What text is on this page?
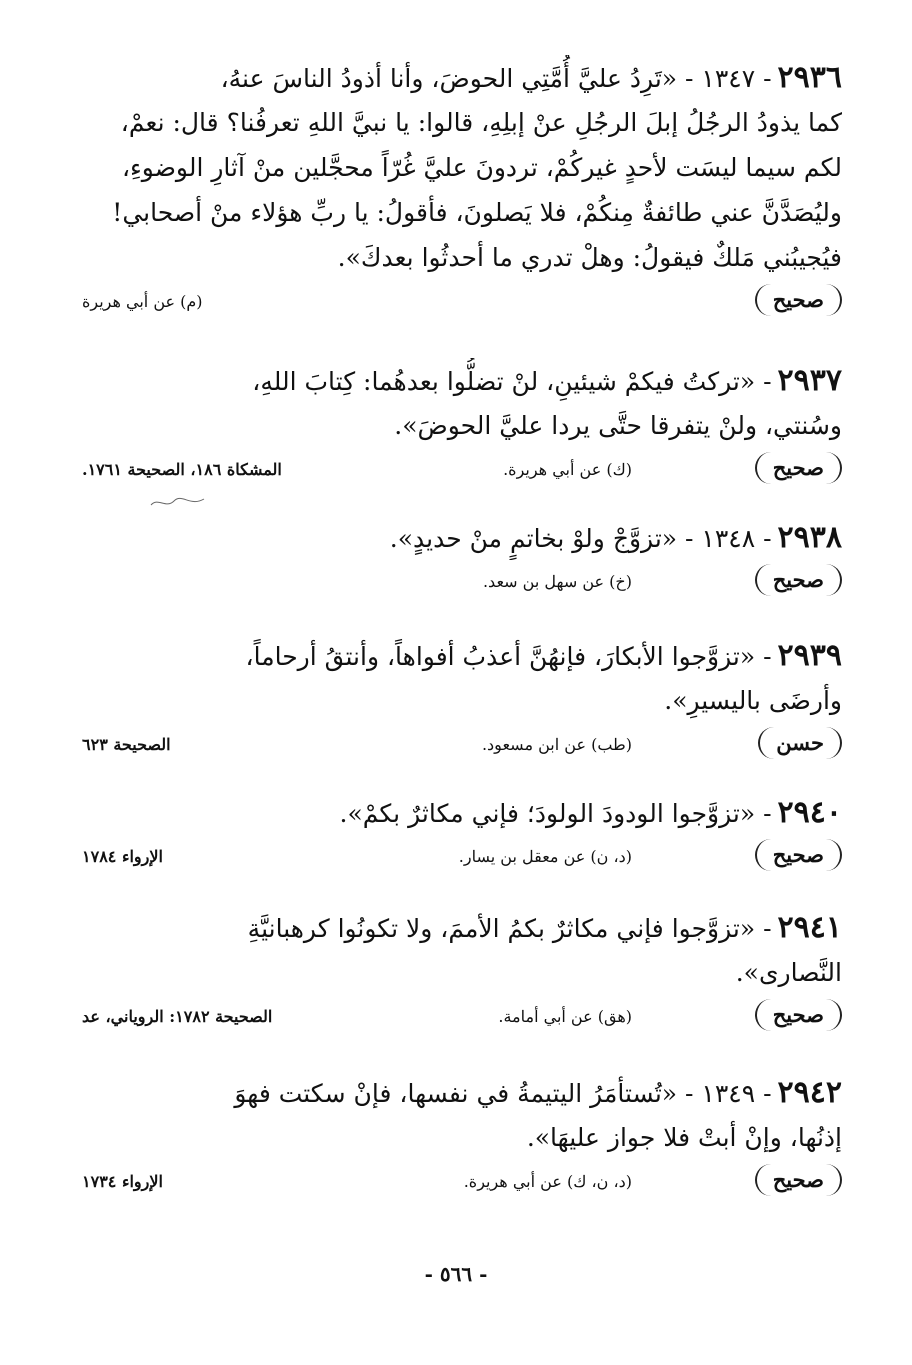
٢٩٣٦- ١٣٤٧ - «تَرِدُ عليَّ أُمَّتِي الحوضَ، وأنا أذودُ الناسَ عنهُ،
كما يذودُ الرجُلُ إبلَ الرجُلِ عنْ إبلِهِ، قالوا: يا نبيَّ اللهِ تعرفُنا؟ قال: نعمْ،
لكم سيما ليسَت لأحدٍ غيركُمْ، تردونَ عليَّ غُرّاً محجَّلين منْ آثارِ الوضوءِ،
وليُصَدَّنَّ عني طائفةٌ مِنكُمْ، فلا يَصلونَ، فأقولُ: يا ربِّ هؤلاء منْ أصحابي!
فيُجيبُني مَلكٌ فيقولُ: وهلْ تدري ما أحدثُوا بعدكَ».
صحيح
(م) عن أبي هريرة
٢٩٣٧- «تركتُ فيكمْ شيئينِ، لنْ تضلُّوا بعدهُما: كِتابَ اللهِ،
وسُنتي، ولنْ يتفرقا حتَّى يردا عليَّ الحوضَ».
صحيح
(ك) عن أبي هريرة.
المشكاة ١٨٦، الصحيحة ١٧٦١.
٢٩٣٨- ١٣٤٨ - «تزوَّجْ ولوْ بخاتمٍ منْ حديدٍ».
صحيح
(خ) عن سهل بن سعد.
٢٩٣٩- «تزوَّجوا الأبكارَ، فإنهُنَّ أعذبُ أفواهاً، وأنتقُ أرحاماً،
وأرضَى باليسيرِ».
حسن
(طب) عن ابن مسعود.
الصحيحة ٦٢٣
٢٩٤٠- «تزوَّجوا الودودَ الولودَ؛ فإني مكاثرٌ بكمْ».
صحيح
(د، ن) عن معقل بن يسار.
الإرواء ١٧٨٤
٢٩٤١- «تزوَّجوا فإني مكاثرٌ بكمُ الأممَ، ولا تكونُوا كرهبانيَّةِ
النَّصارى».
صحيح
(هق) عن أبي أمامة.
الصحيحة ١٧٨٢: الروياني، عد
٢٩٤٢- ١٣٤٩ - «تُستأمَرُ اليتيمةُ في نفسها، فإنْ سكتت فهوَ
إذنُها، وإنْ أبتْ فلا جواز عليهَا».
صحيح
(د، ن، ك) عن أبي هريرة.
الإرواء ١٧٣٤
- ٥٦٦ -
